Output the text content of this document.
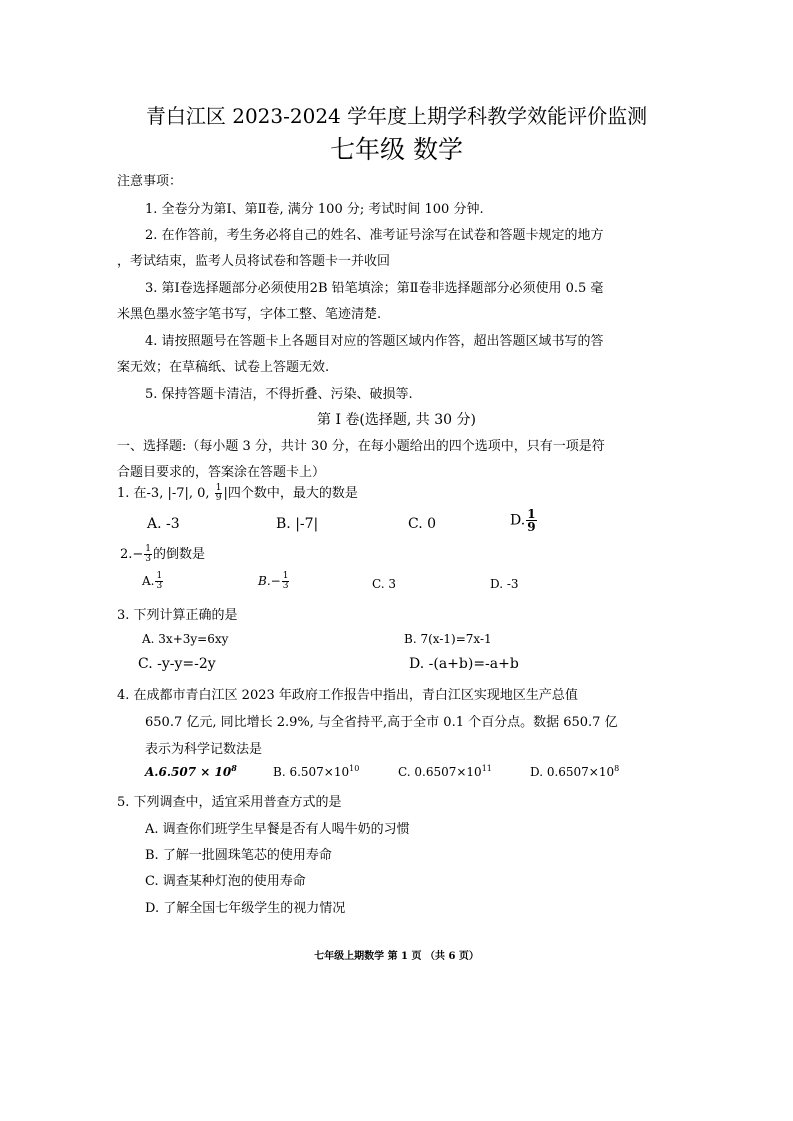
青白江区 2023-2024 学年度上期学科教学效能评价监测
七年级 数学
注意事项：
1. 全卷分为第Ⅰ、第Ⅱ卷, 满分 100 分; 考试时间 100 分钟.
2. 在作答前，考生务必将自己的姓名、准考证号涂写在试卷和答题卡规定的地方
，考试结束，监考人员将试卷和答题卡一并收回
3. 第Ⅰ卷选择题部分必须使用2B 铅笔填涂；第Ⅱ卷非选择题部分必须使用 0.5 毫
米黑色墨水签字笔书写，字体工整、笔迹清楚.
4. 请按照题号在答题卡上各题目对应的答题区域内作答，超出答题区域书写的答
案无效；在草稿纸、试卷上答题无效.
5. 保持答题卡清洁，不得折叠、污染、破损等.
第 Ⅰ 卷(选择题, 共 30 分)
一、选择题:（每小题 3 分，共计 30 分，在每小题给出的四个选项中，只有一项是符
合题目要求的，答案涂在答题卡上）
1. 在-3, |-7|, 0, $\frac{1}{9}$ |四个数中，最大的数是
A. -3	B. |-7|	C. 0	D. $\frac{1}{9}$
$2.- \frac{1}{3}$ 的倒数是
A. $\frac{1}{3}$	$B.- \frac{1}{3}$	C. 3	D. -3
3. 下列计算正确的是
A. 3x+3y=6xy	B. 7(x-1)=7x-1
C. -y-y=-2y	D. -(a+b)=-a+b
4. 在成都市青白江区 2023 年政府工作报告中指出，青白江区实现地区生产总值
650.7 亿元, 同比增长 2.9%, 与全省持平,高于全市 0.1 个百分点。数据 650.7 亿
表示为科学记数法是
$A.6.507 \times 10^8$	B. $6.507\times 10^{10}$	C. $0.6507\times 10^{11}$	D. $0.6507\times 10^8$
5. 下列调查中，适宜采用普查方式的是
A. 调查你们班学生早餐是否有人喝牛奶的习惯
B. 了解一批圆珠笔芯的使用寿命
C. 调查某种灯泡的使用寿命
D. 了解全国七年级学生的视力情况
七年级上期数学 第 1 页 （共 6 页）
